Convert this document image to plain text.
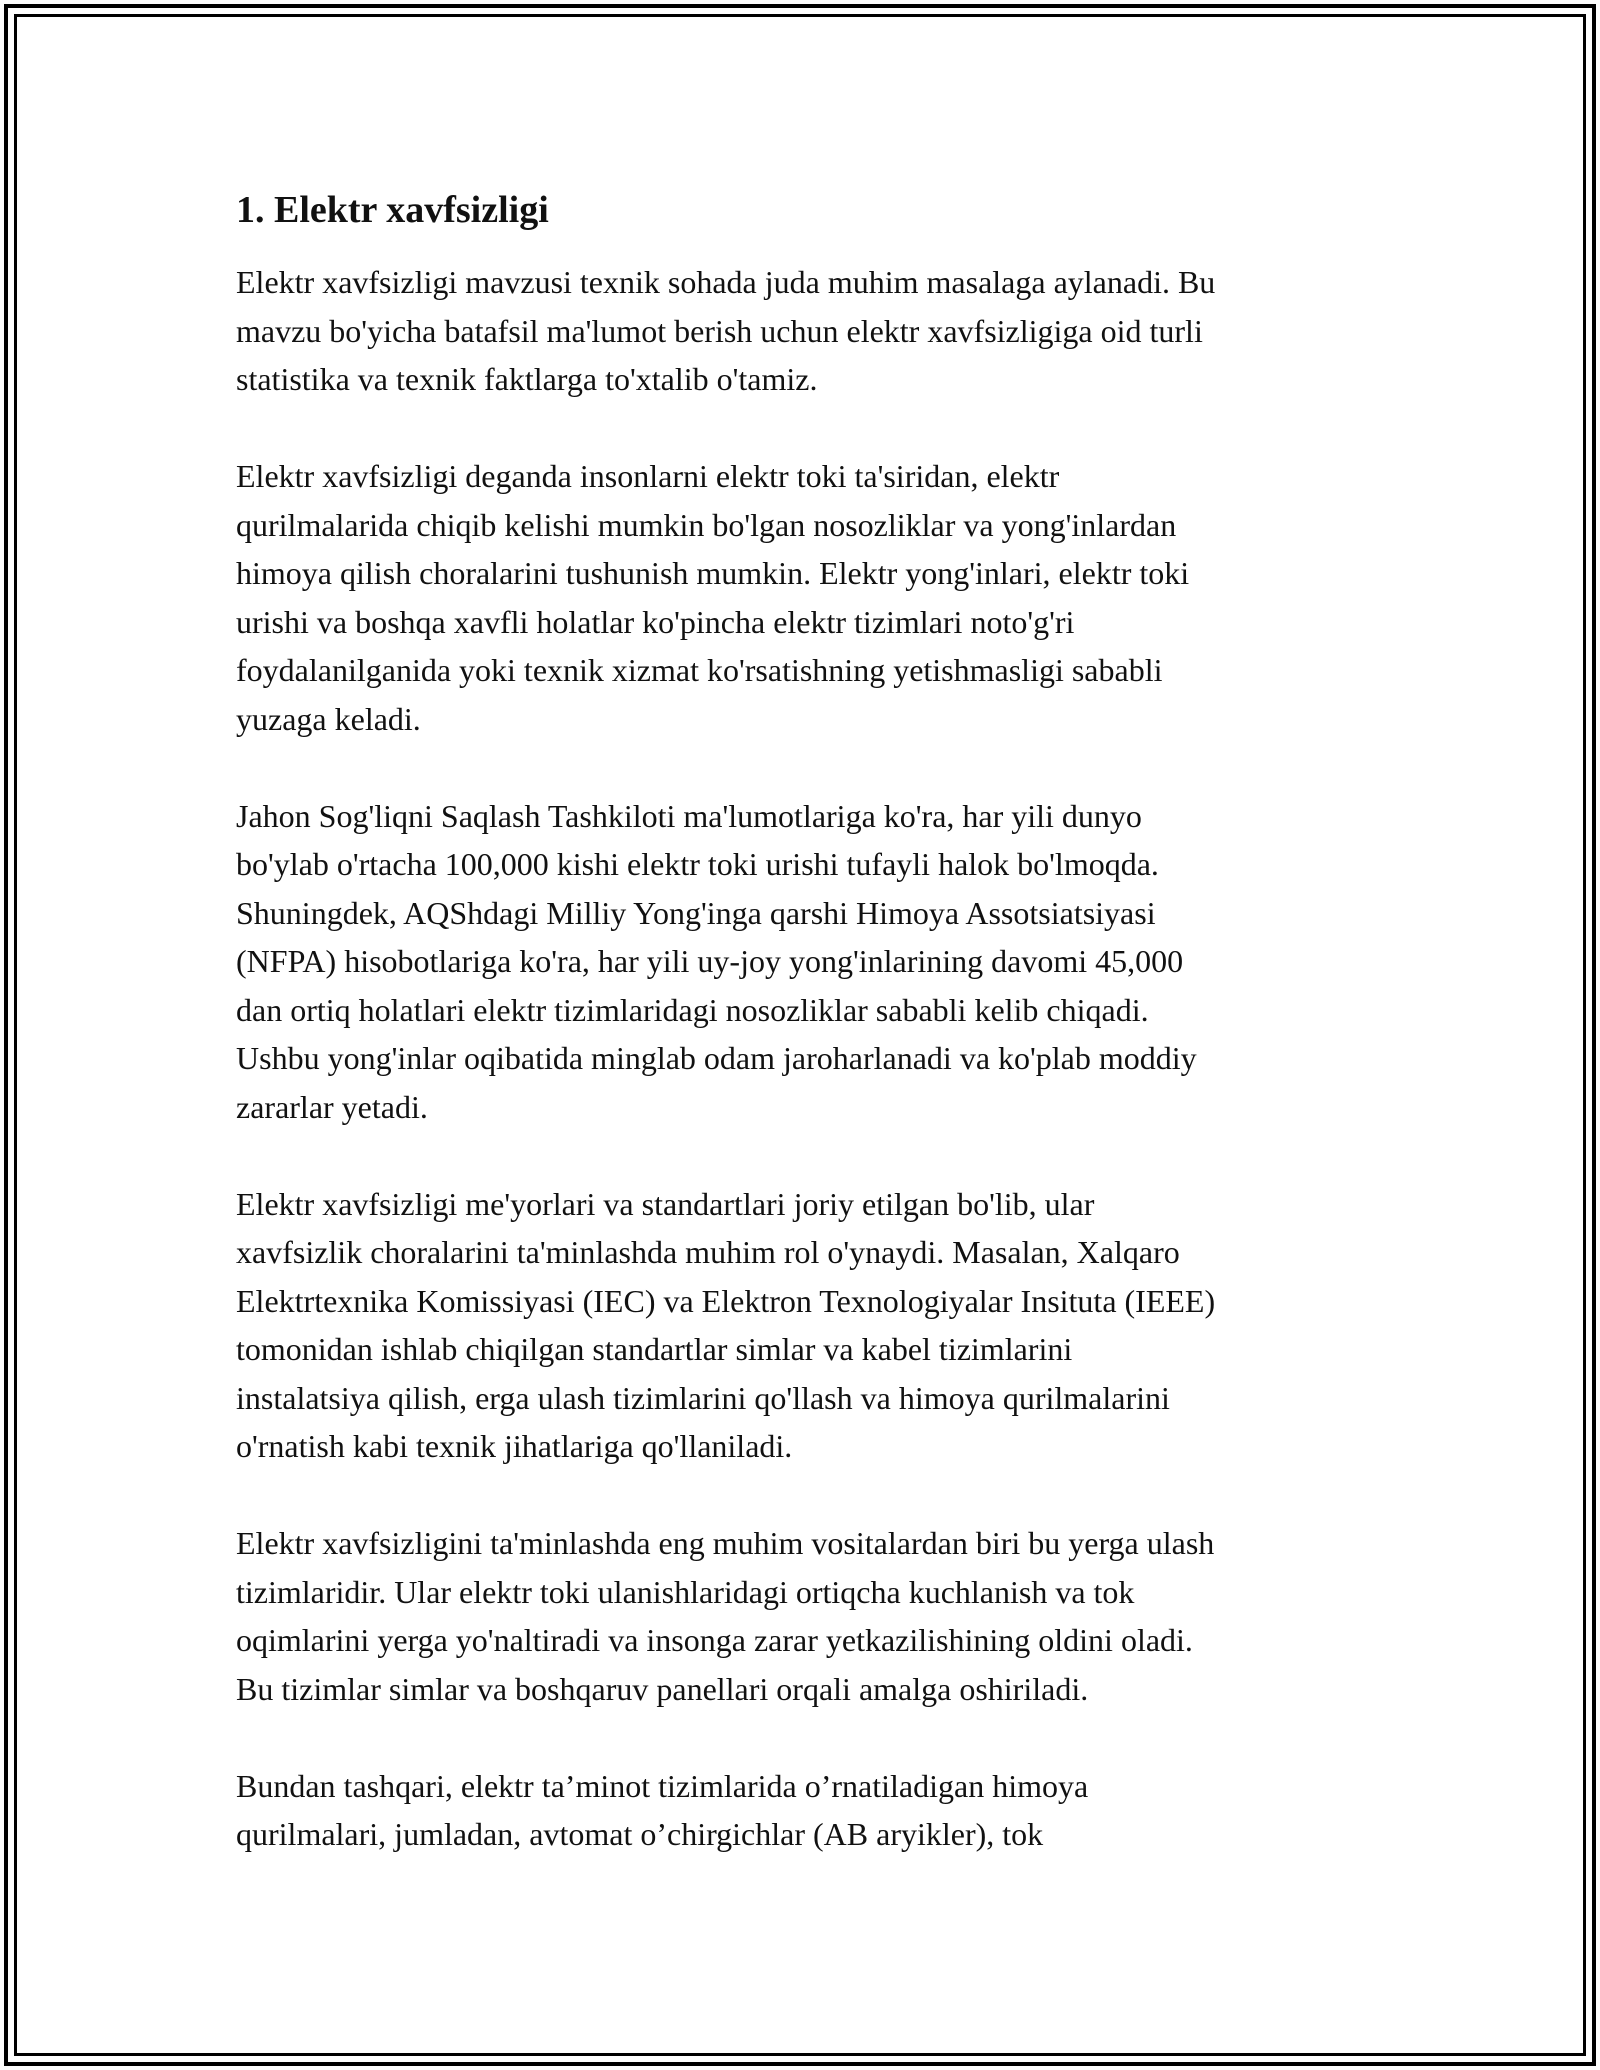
1. Elektr xavfsizligi
Elektr xavfsizligi mavzusi texnik sohada juda muhim masalaga aylanadi. Bu
mavzu bo'yicha batafsil ma'lumot berish uchun elektr xavfsizligiga oid turli
statistika va texnik faktlarga to'xtalib o'tamiz.
Elektr xavfsizligi deganda insonlarni elektr toki ta'siridan, elektr
qurilmalarida chiqib kelishi mumkin bo'lgan nosozliklar va yong'inlardan
himoya qilish choralarini tushunish mumkin. Elektr yong'inlari, elektr toki
urishi va boshqa xavfli holatlar ko'pincha elektr tizimlari noto'g'ri
foydalanilganida yoki texnik xizmat ko'rsatishning yetishmasligi sababli
yuzaga keladi.
Jahon Sog'liqni Saqlash Tashkiloti ma'lumotlariga ko'ra, har yili dunyo
bo'ylab o'rtacha 100,000 kishi elektr toki urishi tufayli halok bo'lmoqda.
Shuningdek, AQShdagi Milliy Yong'inga qarshi Himoya Assotsiatsiyasi
(NFPA) hisobotlariga ko'ra, har yili uy-joy yong'inlarining davomi 45,000
dan ortiq holatlari elektr tizimlaridagi nosozliklar sababli kelib chiqadi.
Ushbu yong'inlar oqibatida minglab odam jaroharlanadi va ko'plab moddiy
zararlar yetadi.
Elektr xavfsizligi me'yorlari va standartlari joriy etilgan bo'lib, ular
xavfsizlik choralarini ta'minlashda muhim rol o'ynaydi. Masalan, Xalqaro
Elektrtexnika Komissiyasi (IEC) va Elektron Texnologiyalar Insituta (IEEE)
tomonidan ishlab chiqilgan standartlar simlar va kabel tizimlarini
instalatsiya qilish, erga ulash tizimlarini qo'llash va himoya qurilmalarini
o'rnatish kabi texnik jihatlariga qo'llaniladi.
Elektr xavfsizligini ta'minlashda eng muhim vositalardan biri bu yerga ulash
tizimlaridir. Ular elektr toki ulanishlaridagi ortiqcha kuchlanish va tok
oqimlarini yerga yo'naltiradi va insonga zarar yetkazilishining oldini oladi.
Bu tizimlar simlar va boshqaruv panellari orqali amalga oshiriladi.
Bundan tashqari, elektr ta’minot tizimlarida o’rnatiladigan himoya
qurilmalari, jumladan, avtomat o’chirgichlar (AB aryikler), tok
